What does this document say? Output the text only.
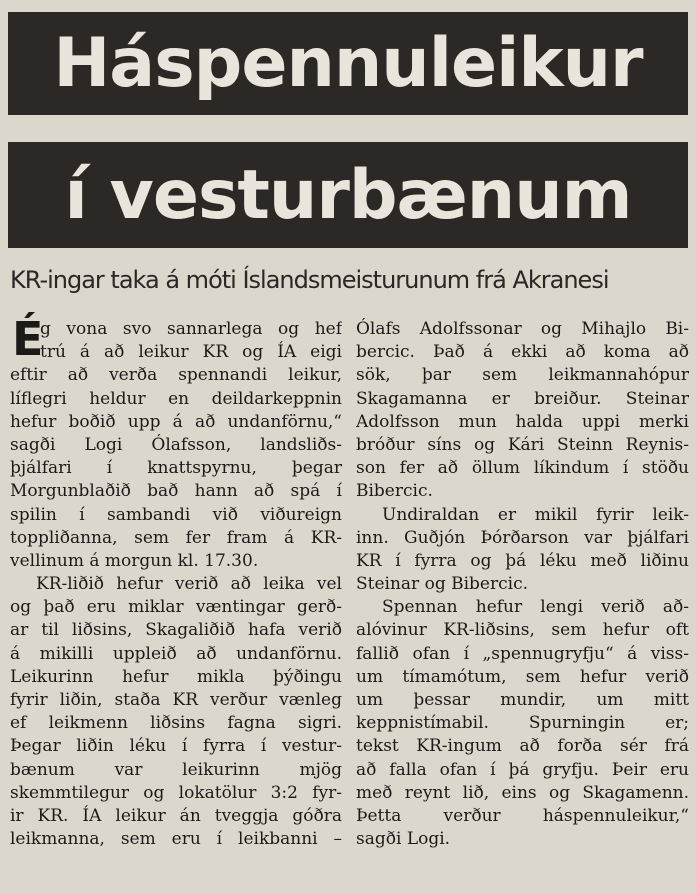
Háspennuleikur
í vesturbænum
KR-ingar taka á móti Íslandsmeisturunum frá Akranesi
É
g vona svo sannarlega og hef
trú á að leikur KR og ÍA eigi
eftir að verða spennandi leikur,
líflegri heldur en deildarkeppnin
hefur boðið upp á að undanförnu,“
sagði Logi Ólafsson, landsliðs-
þjálfari í knattspyrnu, þegar
Morgunblaðið bað hann að spá í
spilin í sambandi við viðureign
toppliðanna, sem fer fram á KR-
vellinum á morgun kl. 17.30.
KR-liðið hefur verið að leika vel
og það eru miklar væntingar gerð-
ar til liðsins, Skagaliðið hafa verið
á mikilli uppleið að undanförnu.
Leikurinn hefur mikla þýðingu
fyrir liðin, staða KR verður vænleg
ef leikmenn liðsins fagna sigri.
Þegar liðin léku í fyrra í vestur-
bænum var leikurinn mjög
skemmtilegur og lokatölur 3:2 fyr-
ir KR. ÍA leikur án tveggja góðra
leikmanna, sem eru í leikbanni –
Ólafs Adolfssonar og Mihajlo Bi-
bercic. Það á ekki að koma að
sök, þar sem leikmannahópur
Skagamanna er breiður. Steinar
Adolfsson mun halda uppi merki
bróður síns og Kári Steinn Reynis-
son fer að öllum líkindum í stöðu
Bibercic.
Undiraldan er mikil fyrir leik-
inn. Guðjón Þórðarson var þjálfari
KR í fyrra og þá léku með liðinu
Steinar og Bibercic.
Spennan hefur lengi verið að-
alóvinur KR-liðsins, sem hefur oft
fallið ofan í „spennugryfju“ á viss-
um tímamótum, sem hefur verið
um þessar mundir, um mitt
keppnistímabil. Spurningin er;
tekst KR-ingum að forða sér frá
að falla ofan í þá gryfju. Þeir eru
með reynt lið, eins og Skagamenn.
Þetta verður háspennuleikur,“
sagði Logi.
